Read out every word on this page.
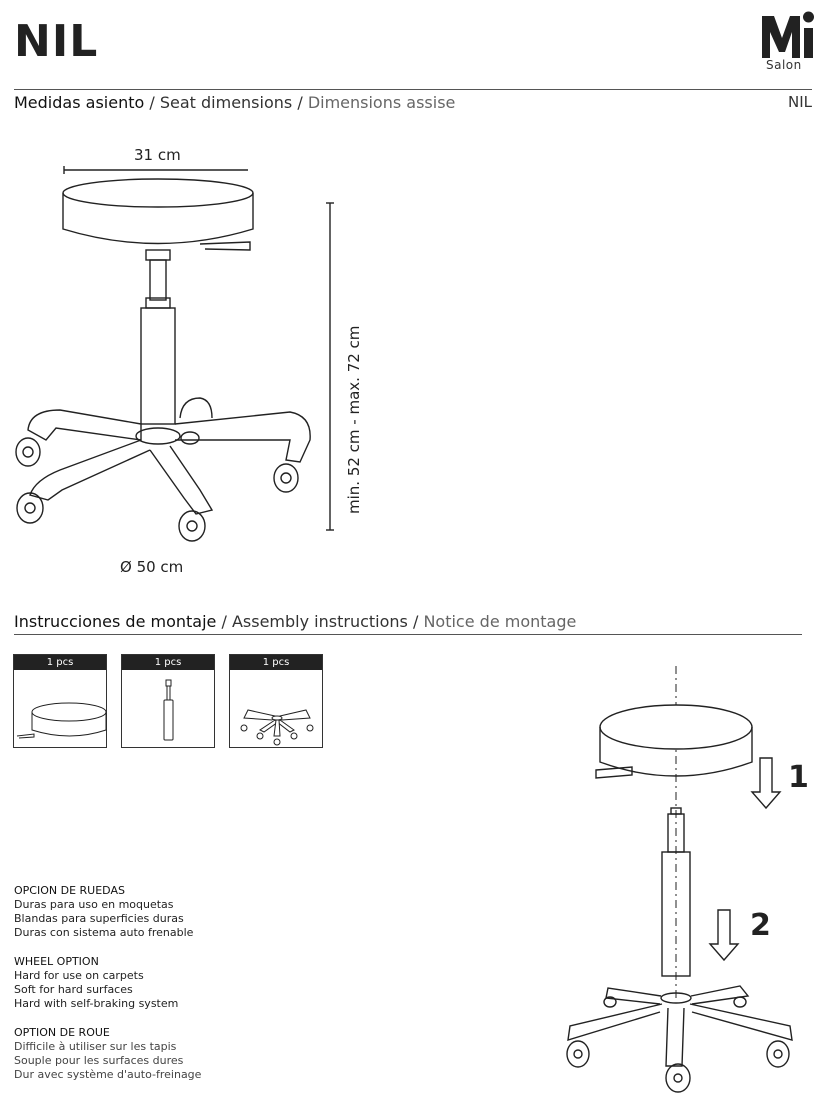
NIL	Salon
Medidas asiento / Seat dimensions / Dimensions assise	NIL
31 cm
Ø 50 cm
min. 52 cm - max. 72 cm
Instrucciones de montaje / Assembly instructions / Notice de montage
1 pcs	1 pcs	1 pcs
1
2
OPCION DE RUEDAS
Duras para uso en moquetas
Blandas para superficies duras
Duras con sistema auto frenable
WHEEL OPTION
Hard for use on carpets
Soft for hard surfaces
Hard with self-braking system
OPTION DE ROUE
Difficile à utiliser sur les tapis
Souple pour les surfaces dures
Dur avec système d'auto-freinage
